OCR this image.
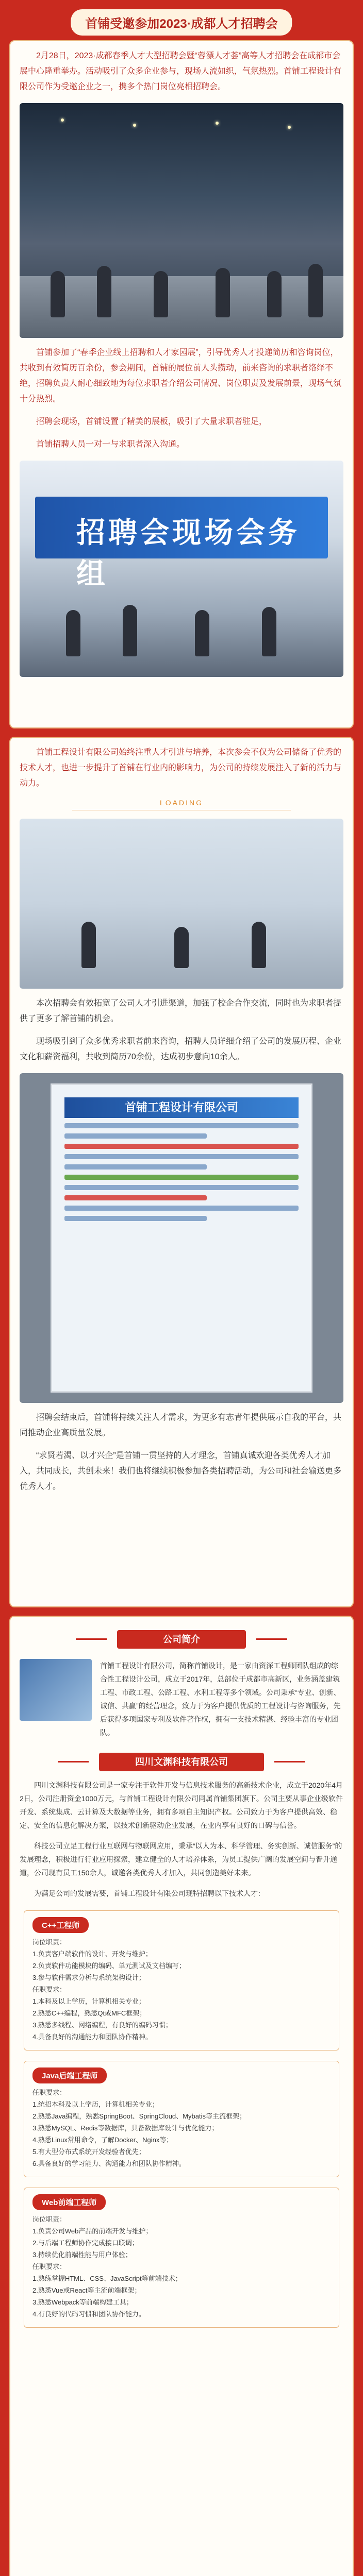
首铺受邀参加2023·成都人才招聘会
2月28日，2023·成都春季人才大型招聘会暨“蓉漂人才荟”高等人才招聘会在成都市会展中心隆重举办。活动吸引了众多企业参与，现场人流如织，气氛热烈。首铺工程设计有限公司作为受邀企业之一，携多个热门岗位亮相招聘会。
首铺参加了“春季企业线上招聘和人才家园展”，引导优秀人才投递简历和咨询岗位，共收到有效简历百余份，参会期间，首铺的展位前人头攒动，前来咨询的求职者络绎不绝，招聘负责人耐心细致地为每位求职者介绍公司情况、岗位职责及发展前景，现场气氛十分热烈。
招聘会现场，首铺设置了精美的展板，吸引了大量求职者驻足，
首铺招聘人员一对一与求职者深入沟通。
招聘会现场会务组
首铺工程设计有限公司始终注重人才引进与培养，本次参会不仅为公司储备了优秀的技术人才，也进一步提升了首铺在行业内的影响力，为公司的持续发展注入了新的活力与动力。
LOADING
本次招聘会有效拓宽了公司人才引进渠道，加强了校企合作交流，同时也为求职者提供了更多了解首铺的机会。
现场吸引到了众多优秀求职者前来咨询，招聘人员详细介绍了公司的发展历程、企业文化和薪资福利，共收到简历70余份，达成初步意向10余人。
首铺工程设计有限公司
招聘会结束后，首铺将持续关注人才需求，为更多有志青年提供展示自我的平台，共同推动企业高质量发展。
“求贤若渴、以才兴企”是首铺一贯坚持的人才理念，首铺真诚欢迎各类优秀人才加入，共同成长，共创未来！我们也将继续积极参加各类招聘活动，为公司和社会输送更多优秀人才。
公司简介
首铺工程设计有限公司，简称首铺设计，是一家由资深工程师团队组成的综合性工程设计公司，成立于2017年，总部位于成都市高新区，业务涵盖建筑工程、市政工程、公路工程、水利工程等多个领域。公司秉承“专业、创新、诚信、共赢”的经营理念，致力于为客户提供优质的工程设计与咨询服务，先后获得多项国家专利及软件著作权，拥有一支技术精湛、经验丰富的专业团队。
四川文渊科技有限公司
四川文渊科技有限公司是一家专注于软件开发与信息技术服务的高新技术企业，成立于2020年4月2日，公司注册资金1000万元，与首铺工程设计有限公司同属首铺集团旗下。公司主要从事企业级软件开发、系统集成、云计算及大数据等业务，拥有多项自主知识产权。公司致力于为客户提供高效、稳定、安全的信息化解决方案，以技术创新驱动企业发展，在业内享有良好的口碑与信誉。
科技公司立足工程行业互联网与物联网应用，秉承“以人为本、科学管理、务实创新、诚信服务”的发展理念，积极进行行业应用探索，建立健全的人才培养体系，为员工提供广阔的发展空间与晋升通道，公司现有员工150余人，诚邀各类优秀人才加入，共同创造美好未来。
为满足公司的发展需要，首铺工程设计有限公司现特招聘以下技术人才：
C++工程师
岗位职责：
1.负责客户端软件的设计、开发与维护；
2.负责软件功能模块的编码、单元测试及文档编写；
3.参与软件需求分析与系统架构设计；
任职要求：
1.本科及以上学历，计算机相关专业；
2.熟悉C++编程，熟悉Qt或MFC框架；
3.熟悉多线程、网络编程，有良好的编码习惯；
4.具备良好的沟通能力和团队协作精神。
Java后端工程师
任职要求：
1.统招本科及以上学历，计算机相关专业；
2.熟悉Java编程，熟悉SpringBoot、SpringCloud、Mybatis等主流框架；
3.熟悉MySQL、Redis等数据库，具备数据库设计与优化能力；
4.熟悉Linux常用命令，了解Docker、Nginx等；
5.有大型分布式系统开发经验者优先；
6.具备良好的学习能力、沟通能力和团队协作精神。
Web前端工程师
岗位职责：
1.负责公司Web产品的前端开发与维护；
2.与后端工程师协作完成接口联调；
3.持续优化前端性能与用户体验；
任职要求：
1.熟练掌握HTML、CSS、JavaScript等前端技术；
2.熟悉Vue或React等主流前端框架；
3.熟悉Webpack等前端构建工具；
4.有良好的代码习惯和团队协作能力。
